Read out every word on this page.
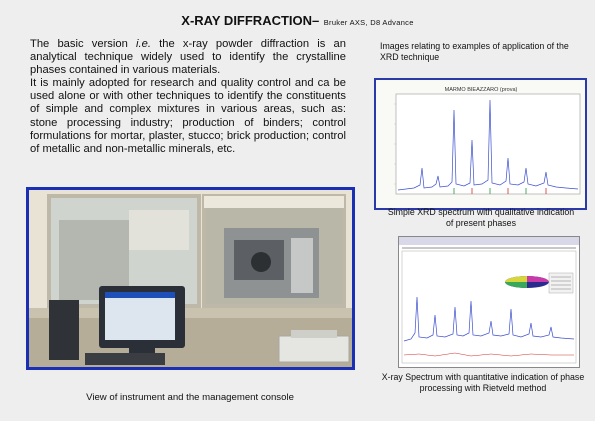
X-RAY DIFFRACTION– Bruker AXS, D8 Advance

The basic version i.e. the x-ray powder diffraction is an analytical technique widely used to identify the crystalline phases contained in various materials.

It is mainly adopted for research and quality control and ca be used alone or with other techniques to identify the constituents of simple and complex mixtures in various areas, such as: stone processing industry; production of binders; control formulations for mortar, plaster, stucco; brick production; control of metallic and non-metallic minerals, etc.

Images relating to examples of application of the XRD technique
MARMO BIEAZZARO (prova)
Simple XRD spectrum with qualitative indication of present phases
X-ray Spectrum with quantitative indication of phase processing with Rietveld method
View of instrument and the management console
